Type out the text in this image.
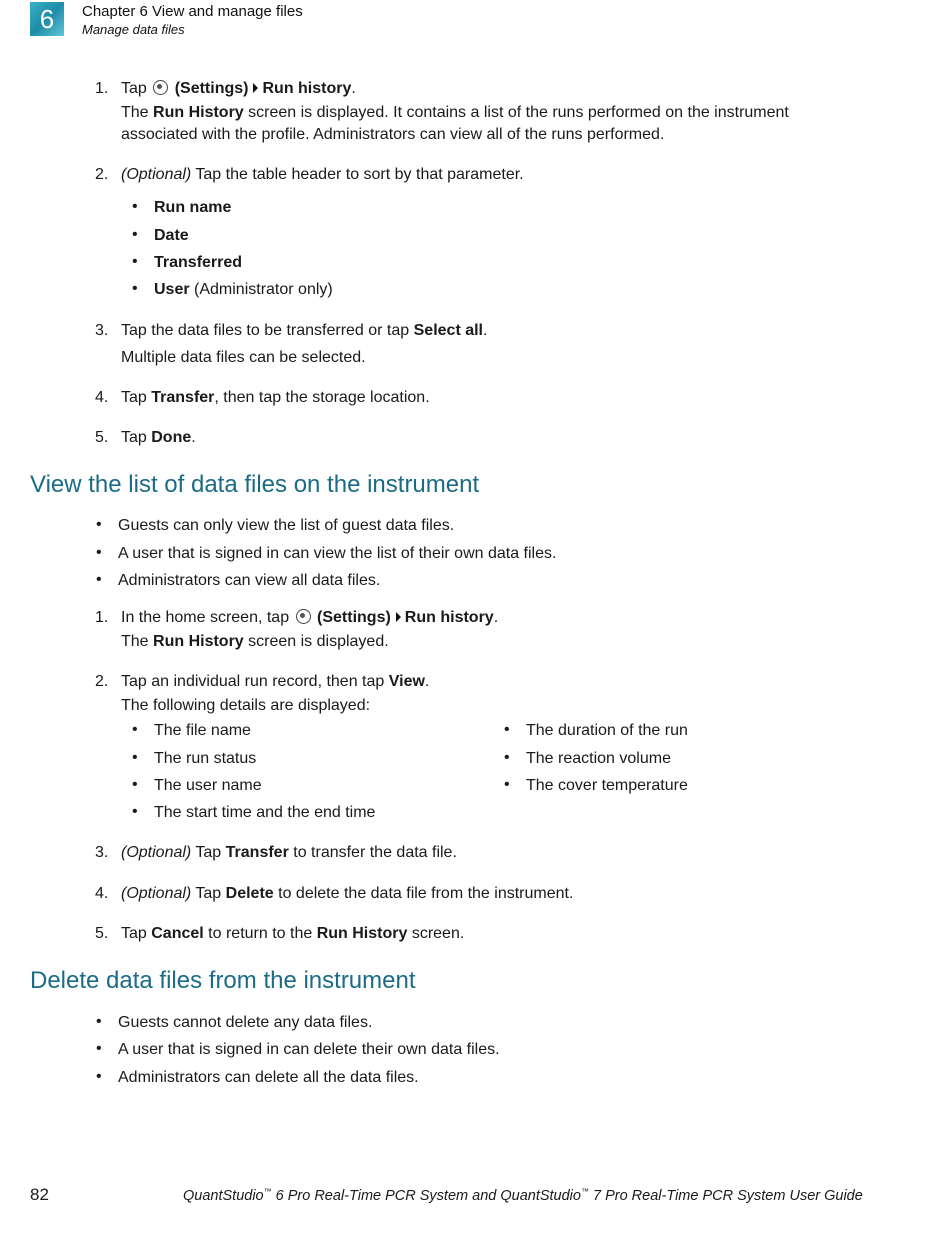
6	Chapter 6 View and manage files
Manage data files
1. Tap (Settings) Run history.
The Run History screen is displayed. It contains a list of the runs performed on the instrument associated with the profile. Administrators can view all of the runs performed.
2. (Optional) Tap the table header to sort by that parameter.
• Run name
• Date
• Transferred
• User (Administrator only)
3. Tap the data files to be transferred or tap Select all.
Multiple data files can be selected.
4. Tap Transfer, then tap the storage location.
5. Tap Done.
View the list of data files on the instrument
• Guests can only view the list of guest data files.
• A user that is signed in can view the list of their own data files.
• Administrators can view all data files.
1. In the home screen, tap (Settings) Run history.
The Run History screen is displayed.
2. Tap an individual run record, then tap View.
The following details are displayed:
• The file name
• The run status
• The user name
• The start time and the end time
• The duration of the run
• The reaction volume
• The cover temperature
3. (Optional) Tap Transfer to transfer the data file.
4. (Optional) Tap Delete to delete the data file from the instrument.
5. Tap Cancel to return to the Run History screen.
Delete data files from the instrument
• Guests cannot delete any data files.
• A user that is signed in can delete their own data files.
• Administrators can delete all the data files.
82	QuantStudio™ 6 Pro Real-Time PCR System and QuantStudio™ 7 Pro Real-Time PCR System User Guide
